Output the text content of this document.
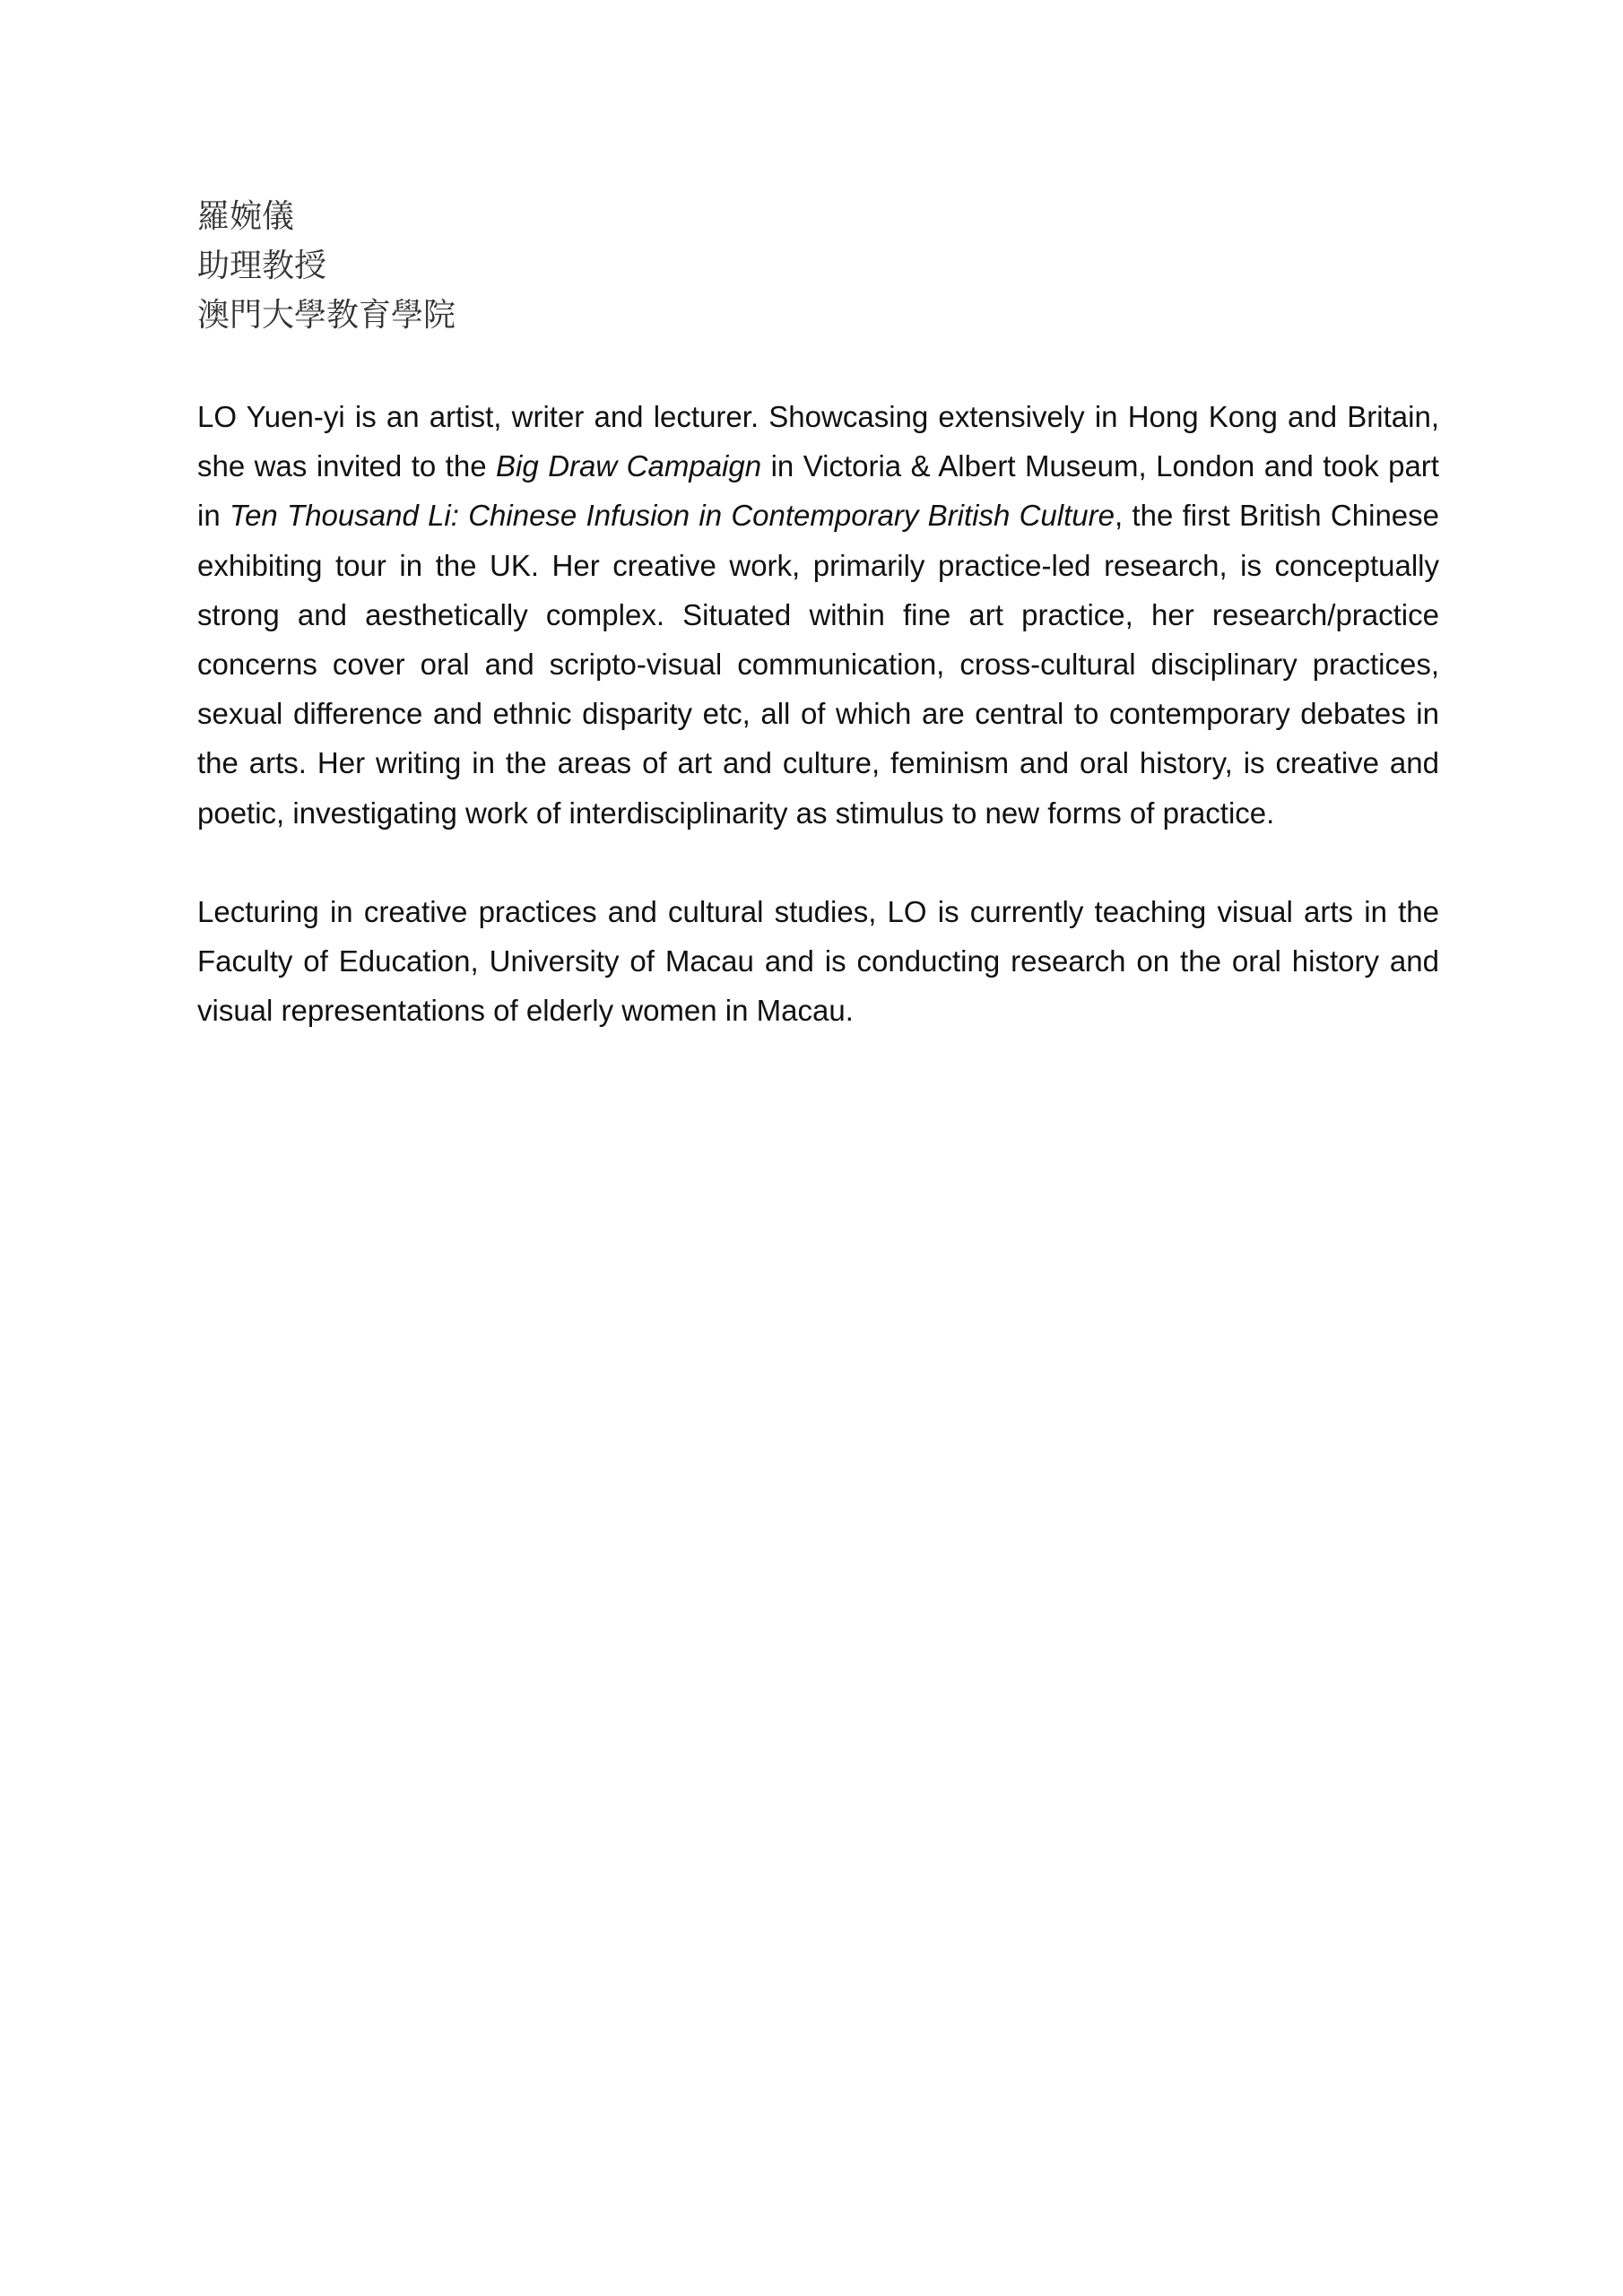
羅婉儀
助理教授
澳門大學教育學院

LO Yuen-yi is an artist, writer and lecturer. Showcasing extensively in Hong Kong and Britain, she was invited to the Big Draw Campaign in Victoria & Albert Museum, London and took part in Ten Thousand Li: Chinese Infusion in Contemporary British Culture, the first British Chinese exhibiting tour in the UK. Her creative work, primarily practice-led research, is conceptually strong and aesthetically complex. Situated within fine art practice, her research/practice concerns cover oral and scripto-visual communication, cross-cultural disciplinary practices, sexual difference and ethnic disparity etc, all of which are central to contemporary debates in the arts. Her writing in the areas of art and culture, feminism and oral history, is creative and poetic, investigating work of interdisciplinarity as stimulus to new forms of practice.

Lecturing in creative practices and cultural studies, LO is currently teaching visual arts in the Faculty of Education, University of Macau and is conducting research on the oral history and visual representations of elderly women in Macau.
